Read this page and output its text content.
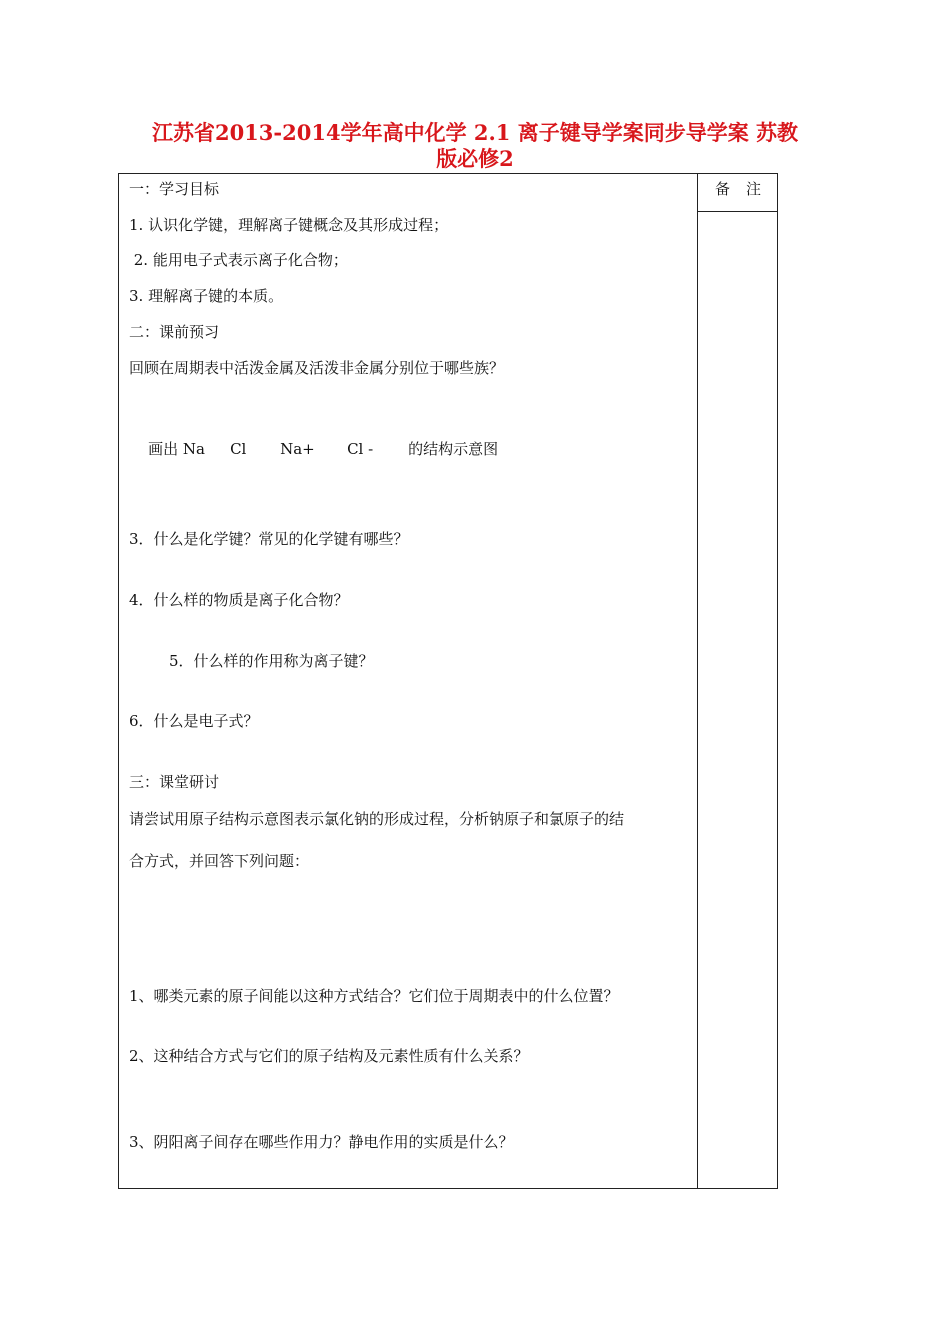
江苏省2013-2014学年高中化学 2.1 离子键导学案同步导学案 苏教
版必修2
备注
一：学习目标
1. 认识化学键，理解离子键概念及其形成过程；
2. 能用电子式表示离子化合物；
3. 理解离子键的本质。
二：课前预习
回顾在周期表中活泼金属及活泼非金属分别位于哪些族？

画出 Na Cl Na+ Cl - 的结构示意图

3．什么是化学键？常见的化学键有哪些？
4．什么样的物质是离子化合物？
5．什么样的作用称为离子键？
6．什么是电子式？
三：课堂研讨
请尝试用原子结构示意图表示氯化钠的形成过程，分析钠原子和氯原子的结
合方式，并回答下列问题：
1、哪类元素的原子间能以这种方式结合？它们位于周期表中的什么位置？
2、这种结合方式与它们的原子结构及元素性质有什么关系？
3、阴阳离子间存在哪些作用力？静电作用的实质是什么？
